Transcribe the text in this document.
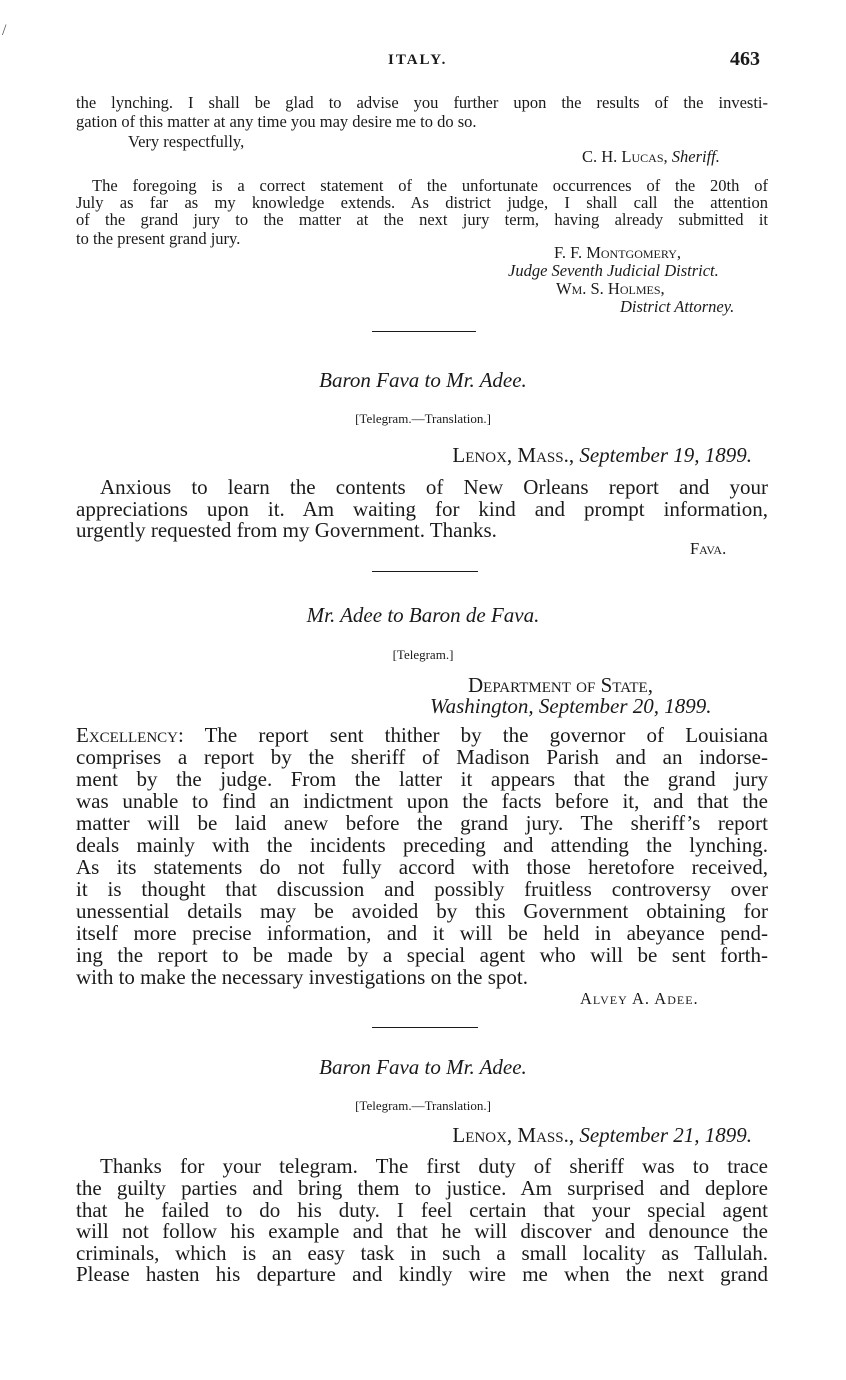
/
ITALY.	463
the lynching. I shall be glad to advise you further upon the results of the investi-
gation of this matter at any time you may desire me to do so.
Very respectfully,
C. H. Lucas, Sheriff.
The foregoing is a correct statement of the unfortunate occurrences of the 20th of
July as far as my knowledge extends. As district judge, I shall call the attention
of the grand jury to the matter at the next jury term, having already submitted it
to the present grand jury.
F. F. Montgomery,
Judge Seventh Judicial District.
Wm. S. Holmes,
District Attorney.
Baron Fava to Mr. Adee.
[Telegram.—Translation.]
Lenox, Mass., September 19, 1899.
Anxious to learn the contents of New Orleans report and your
appreciations upon it. Am waiting for kind and prompt information,
urgently requested from my Government. Thanks.
Fava.
Mr. Adee to Baron de Fava.
[Telegram.]
Department of State,
Washington, September 20, 1899.
Excellency: The report sent thither by the governor of Louisiana
comprises a report by the sheriff of Madison Parish and an indorse-
ment by the judge. From the latter it appears that the grand jury
was unable to find an indictment upon the facts before it, and that the
matter will be laid anew before the grand jury. The sheriff’s report
deals mainly with the incidents preceding and attending the lynching.
As its statements do not fully accord with those heretofore received,
it is thought that discussion and possibly fruitless controversy over
unessential details may be avoided by this Government obtaining for
itself more precise information, and it will be held in abeyance pend-
ing the report to be made by a special agent who will be sent forth-
with to make the necessary investigations on the spot.
Alvey A. Adee.
Baron Fava to Mr. Adee.
[Telegram.—Translation.]
Lenox, Mass., September 21, 1899.
Thanks for your telegram. The first duty of sheriff was to trace
the guilty parties and bring them to justice. Am surprised and deplore
that he failed to do his duty. I feel certain that your special agent
will not follow his example and that he will discover and denounce the
criminals, which is an easy task in such a small locality as Tallulah.
Please hasten his departure and kindly wire me when the next grand
